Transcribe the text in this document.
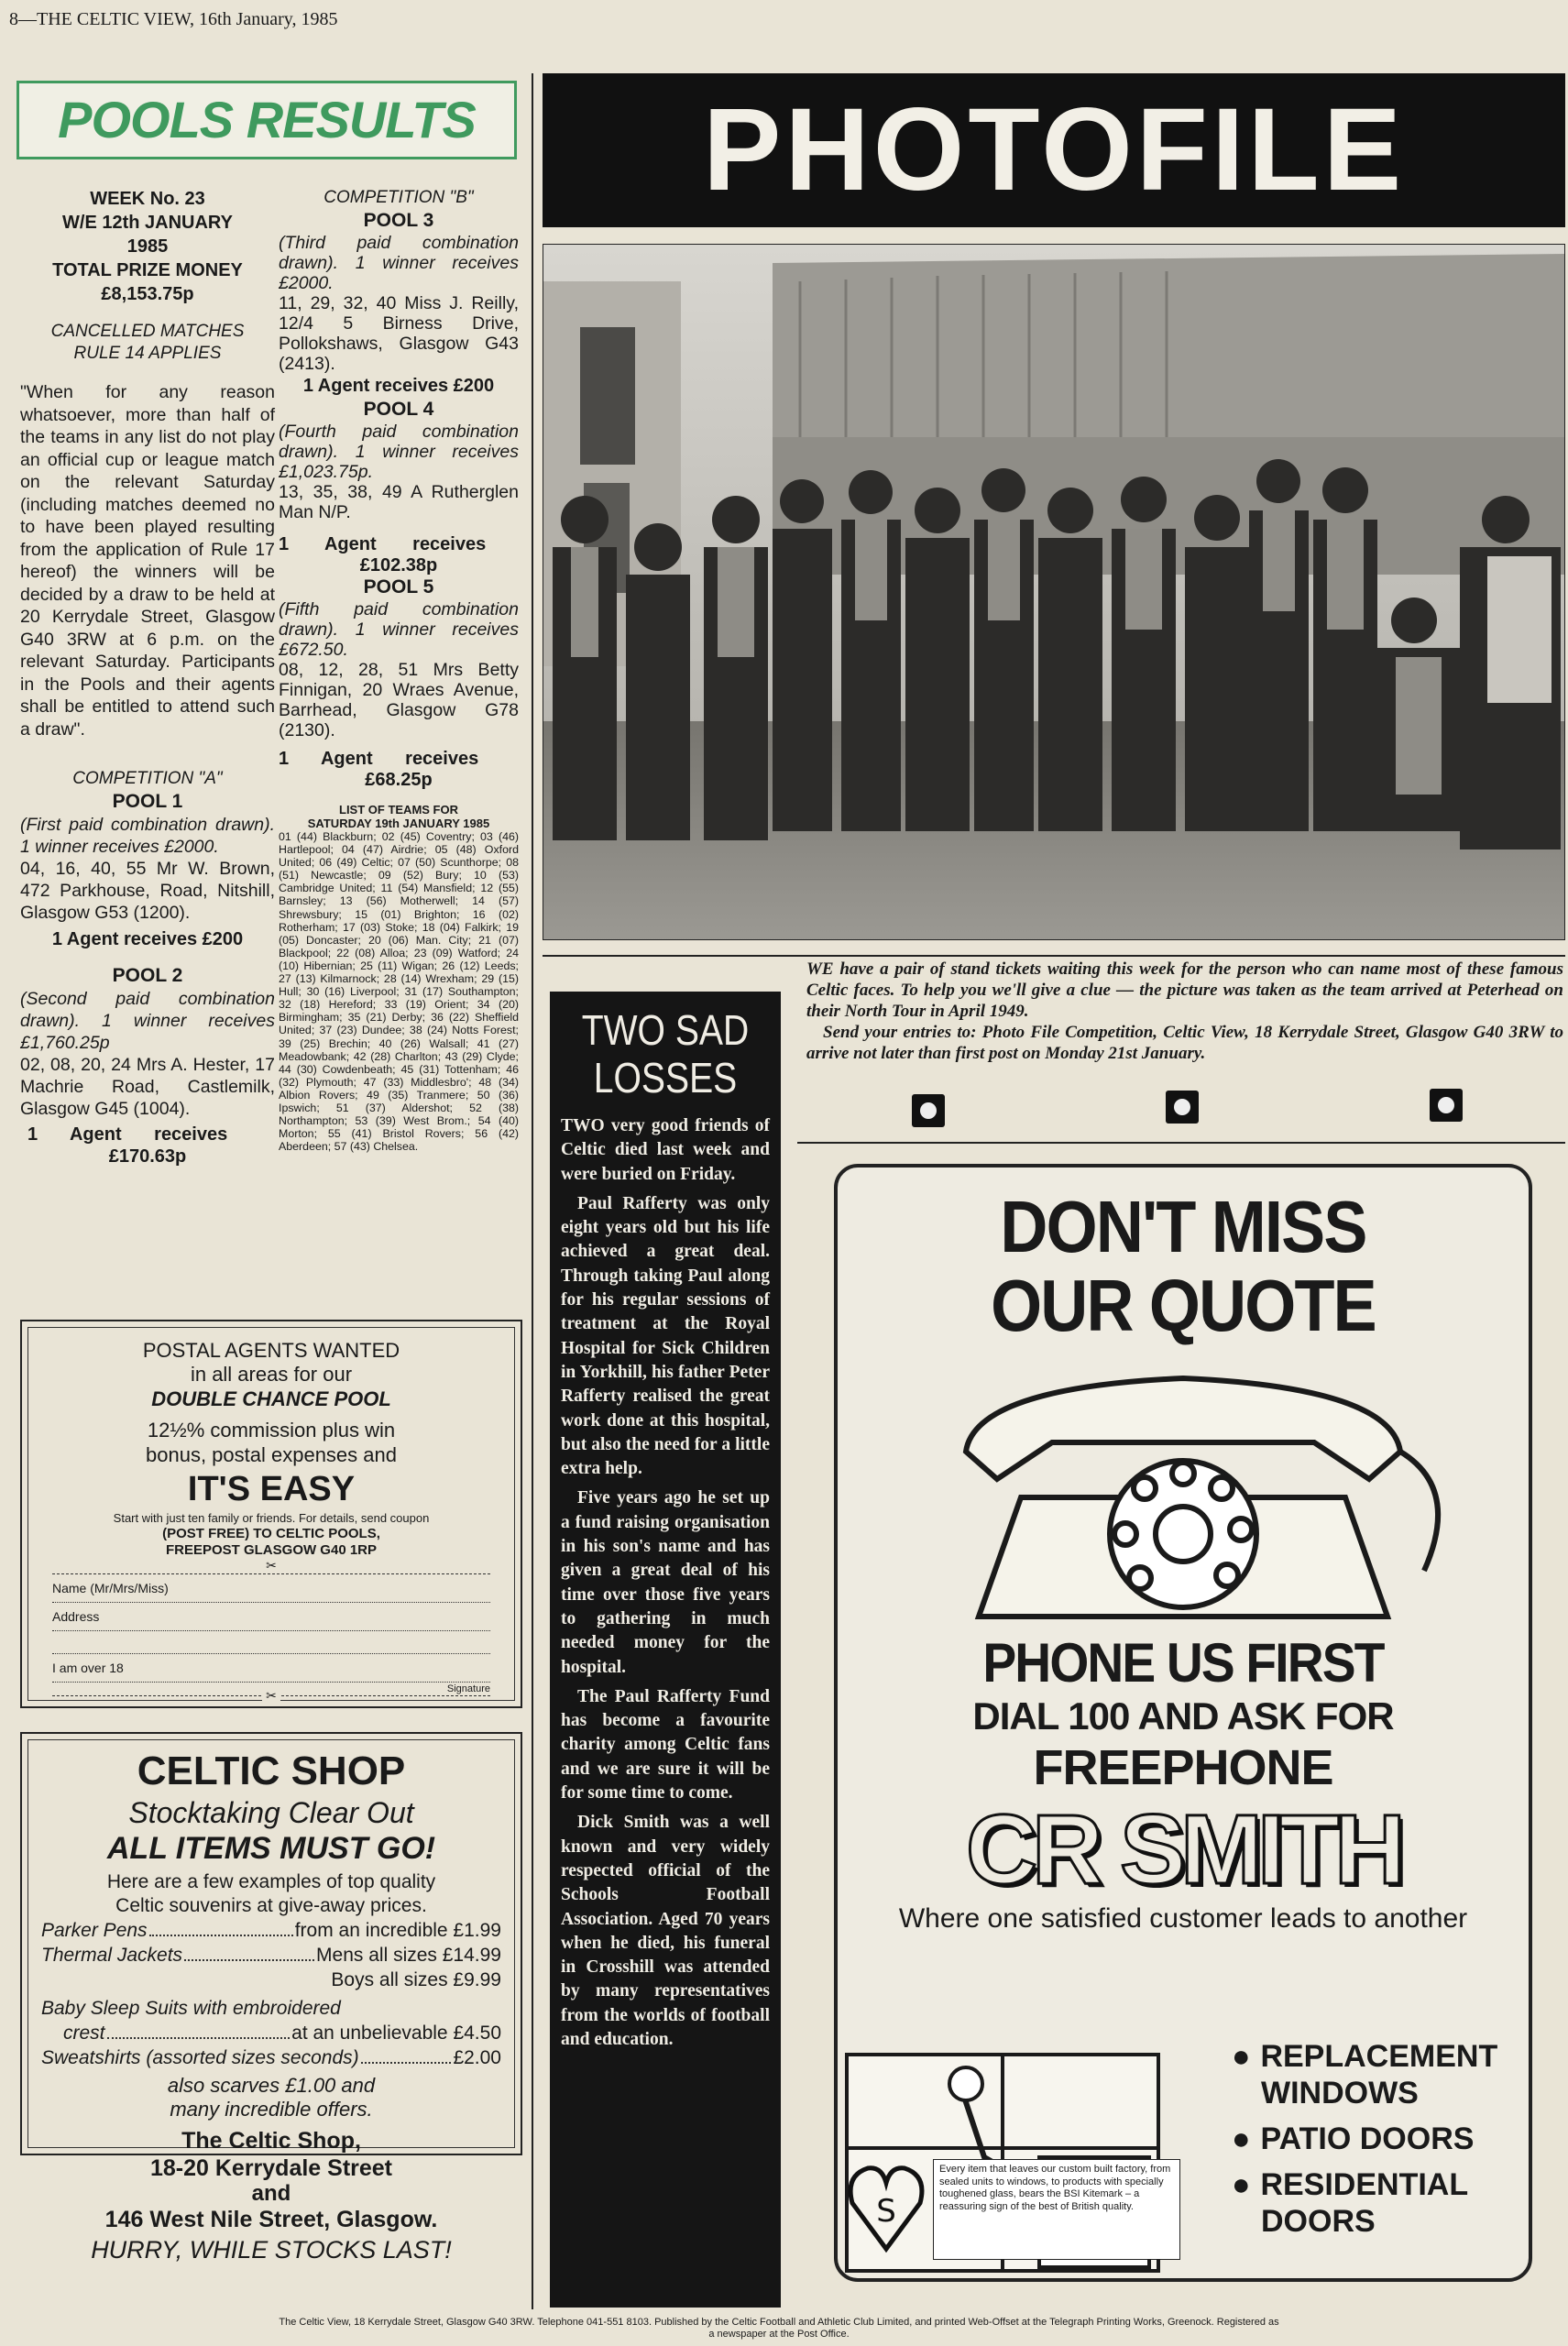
8—THE CELTIC VIEW, 16th January, 1985
POOLS RESULTS
WEEK No. 23
W/E 12th JANUARY
1985
TOTAL PRIZE MONEY
£8,153.75p
CANCELLED MATCHES
RULE 14 APPLIES

"When for any reason whatsoever, more than half of the teams in any list do not play an official cup or league match on the relevant Saturday (including matches deemed no to have been played resulting from the application of Rule 17 hereof) the winners will be decided by a draw to be held at 20 Kerrydale Street, Glasgow G40 3RW at 6 p.m. on the relevant Saturday. Participants in the Pools and their agents shall be entitled to attend such a draw".

COMPETITION "A"
POOL 1

(First paid combination drawn). 1 winner receives £2000.

04, 16, 40, 55 Mr W. Brown, 472 Parkhouse, Road, Nitshill, Glasgow G53 (1200).

1 Agent receives £200
POOL 2

(Second paid combination drawn). 1 winner receives £1,760.25p

02, 08, 20, 24 Mrs A. Hester, 17 Machrie Road, Castlemilk, Glasgow G45 (1004).

1 Agent receives
£170.63p
COMPETITION "B"
POOL 3

(Third paid combination drawn). 1 winner receives £2000.

11, 29, 32, 40 Miss J. Reilly, 12/4 5 Birness Drive, Pollokshaws, Glasgow G43 (2413).

1 Agent receives £200
POOL 4

(Fourth paid combination drawn). 1 winner receives £1,023.75p.

13, 35, 38, 49 A Rutherglen Man N/P.

1 Agent receives
£102.38p
POOL 5

(Fifth paid combination drawn). 1 winner receives £672.50.

08, 12, 28, 51 Mrs Betty Finnigan, 20 Wraes Avenue, Barrhead, Glasgow G78 (2130).

1 Agent receives
£68.25p
LIST OF TEAMS FOR
SATURDAY 19th JANUARY 1985

01 (44) Blackburn; 02 (45) Coventry; 03 (46) Hartlepool; 04 (47) Airdrie; 05 (48) Oxford United; 06 (49) Celtic; 07 (50) Scunthorpe; 08 (51) Newcastle; 09 (52) Bury; 10 (53) Cambridge United; 11 (54) Mansfield; 12 (55) Barnsley; 13 (56) Motherwell; 14 (57) Shrewsbury; 15 (01) Brighton; 16 (02) Rotherham; 17 (03) Stoke; 18 (04) Falkirk; 19 (05) Doncaster; 20 (06) Man. City; 21 (07) Blackpool; 22 (08) Alloa; 23 (09) Watford; 24 (10) Hibernian; 25 (11) Wigan; 26 (12) Leeds; 27 (13) Kilmarnock; 28 (14) Wrexham; 29 (15) Hull; 30 (16) Liverpool; 31 (17) Southampton; 32 (18) Hereford; 33 (19) Orient; 34 (20) Birmingham; 35 (21) Derby; 36 (22) Sheffield United; 37 (23) Dundee; 38 (24) Notts Forest; 39 (25) Brechin; 40 (26) Walsall; 41 (27) Meadowbank; 42 (28) Charlton; 43 (29) Clyde; 44 (30) Cowdenbeath; 45 (31) Tottenham; 46 (32) Plymouth; 47 (33) Middlesbro'; 48 (34) Albion Rovers; 49 (35) Tranmere; 50 (36) Ipswich; 51 (37) Aldershot; 52 (38) Northampton; 53 (39) West Brom.; 54 (40) Morton; 55 (41) Bristol Rovers; 56 (42) Aberdeen; 57 (43) Chelsea.

POSTAL AGENTS WANTED
in all areas for our
DOUBLE CHANCE POOL
12½% commission plus win
bonus, postal expenses and
IT'S EASY
Start with just ten family or friends. For details, send coupon
(POST FREE) TO CELTIC POOLS,
FREEPOST GLASGOW G40 1RP
✂
Name (Mr/Mrs/Miss)
Address
I am over 18
Signature
✂
CELTIC SHOP
Stocktaking Clear Out
ALL ITEMS MUST GO!
Here are a few examples of top quality
Celtic souvenirs at give-away prices.
Parker Pens	from an incredible £1.99
Thermal Jackets	Mens all sizes £14.99
Boys all sizes £9.99
Baby Sleep Suits with embroidered
crest	at an unbelievable £4.50
Sweatshirts (assorted sizes seconds)	£2.00
also scarves £1.00 and
many incredible offers.
The Celtic Shop,
18-20 Kerrydale Street
and
146 West Nile Street, Glasgow.
HURRY, WHILE STOCKS LAST!
PHOTOFILE

WE have a pair of stand tickets waiting this week for the person who can name most of these famous Celtic faces. To help you we'll give a clue — the picture was taken as the team arrived at Peterhead on their North Tour in April 1949.

Send your entries to: Photo File Competition, Celtic View, 18 Kerrydale Street, Glasgow G40 3RW to arrive not later than first post on Monday 21st January.

TWO SAD
LOSSES

TWO very good friends of Celtic died last week and were buried on Friday.

Paul Rafferty was only eight years old but his life achieved a great deal. Through taking Paul along for his regular sessions of treatment at the Royal Hospital for Sick Children in Yorkhill, his father Peter Rafferty realised the great work done at this hospital, but also the need for a little extra help.

Five years ago he set up a fund raising organisation in his son's name and has given a great deal of his time over those five years to gathering in much needed money for the hospital.

The Paul Rafferty Fund has become a favourite charity among Celtic fans and we are sure it will be for some time to come.

Dick Smith was a well known and very widely respected official of the Schools Football Association. Aged 70 years when he died, his funeral in Crosshill was attended by many representatives from the worlds of football and education.

DON'T MISS
OUR QUOTE
PHONE US FIRST
DIAL 100 AND ASK FOR
FREEPHONE
CR SMITH
Where one satisfied customer leads to another
S
Every item that leaves our custom built factory, from sealed units to windows, to products with specially toughened glass, bears the BSI Kitemark – a reassuring sign of the best of British quality.
● REPLACEMENT
WINDOWS
● PATIO DOORS
● RESIDENTIAL
DOORS
The Celtic View, 18 Kerrydale Street, Glasgow G40 3RW. Telephone 041-551 8103. Published by the Celtic Football and Athletic Club Limited, and printed Web-Offset at the Telegraph Printing Works, Greenock. Registered as a newspaper at the Post Office.
